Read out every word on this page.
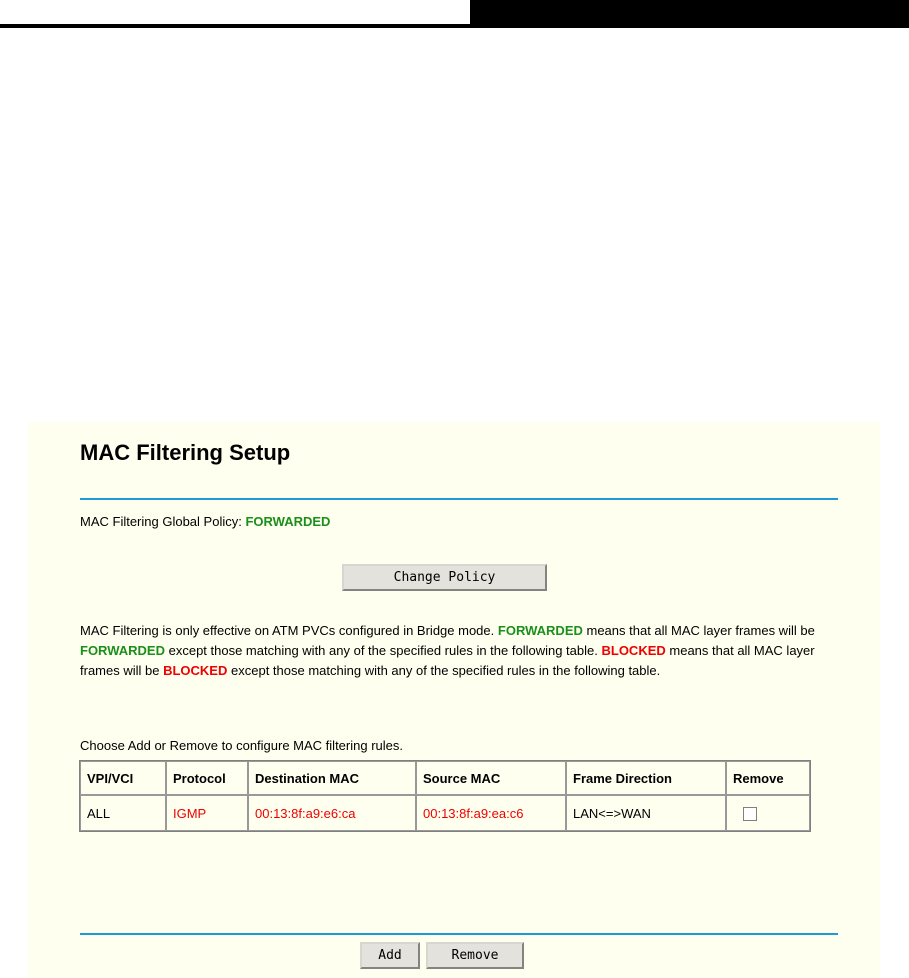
MAC Filtering Setup
MAC Filtering Global Policy: FORWARDED
Change Policy
MAC Filtering is only effective on ATM PVCs configured in Bridge mode. FORWARDED means that all MAC layer frames will be FORWARDED except those matching with any of the specified rules in the following table. BLOCKED means that all MAC layer frames will be BLOCKED except those matching with any of the specified rules in the following table.
Choose Add or Remove to configure MAC filtering rules.
VPI/VCI	Protocol	Destination MAC	Source MAC	Frame Direction	Remove
ALL	IGMP	00:13:8f:a9:e6:ca	00:13:8f:a9:ea:c6	LAN<=>WAN	
Add	Remove
